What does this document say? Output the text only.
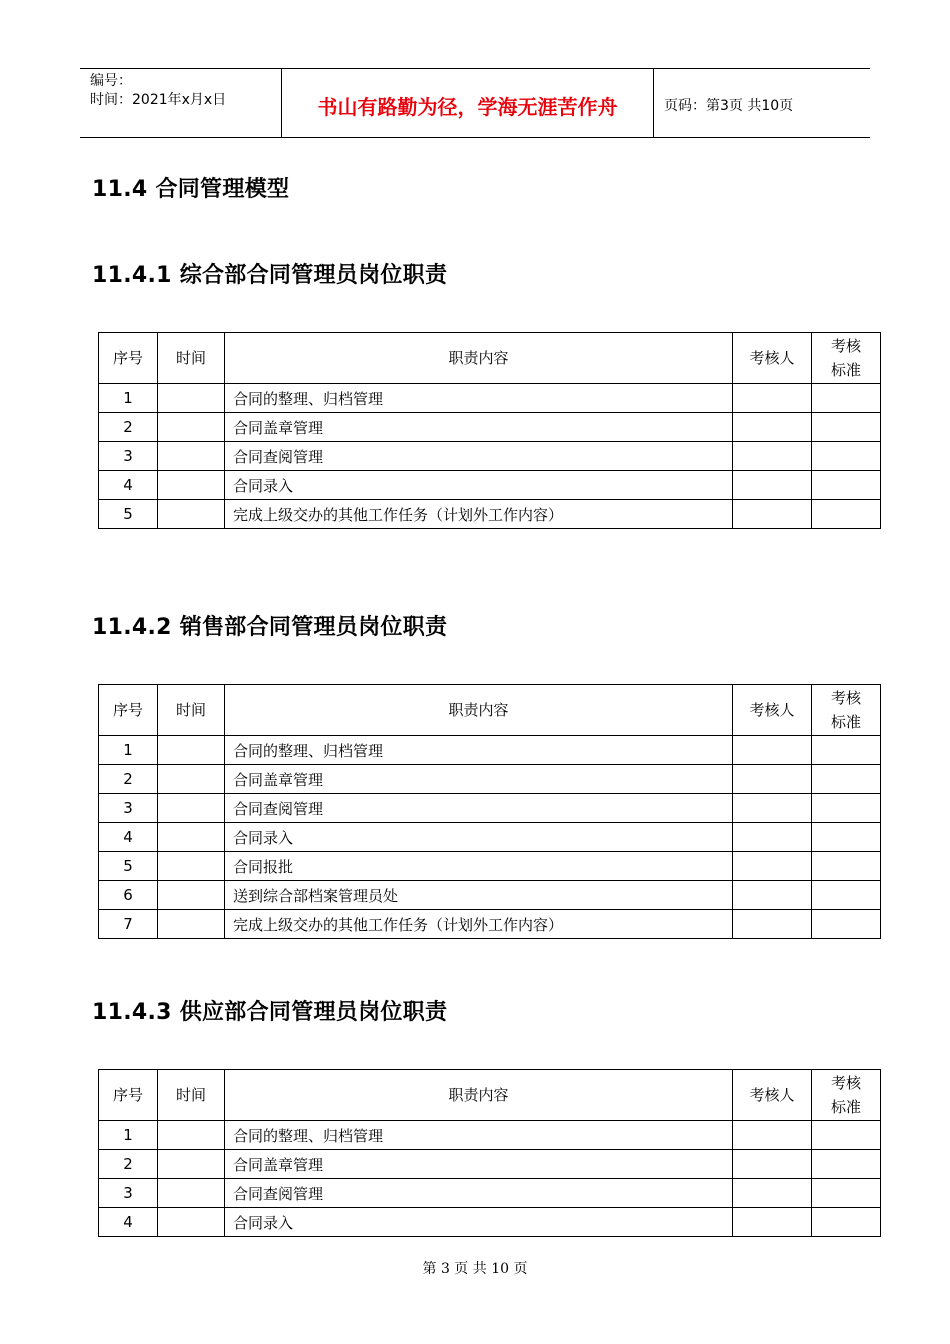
编号：
时间：2021年x月x日	书山有路勤为径，学海无涯苦作舟	页码：第3页 共10页
11.4 合同管理模型
11.4.1 综合部合同管理员岗位职责
序号	时间	职责内容	考核人	考核
标准
1		合同的整理、归档管理		
2		合同盖章管理		
3		合同查阅管理		
4		合同录入		
5		完成上级交办的其他工作任务（计划外工作内容）		
11.4.2 销售部合同管理员岗位职责
序号	时间	职责内容	考核人	考核
标准
1		合同的整理、归档管理		
2		合同盖章管理		
3		合同查阅管理		
4		合同录入		
5		合同报批		
6		送到综合部档案管理员处		
7		完成上级交办的其他工作任务（计划外工作内容）		
11.4.3 供应部合同管理员岗位职责
序号	时间	职责内容	考核人	考核
标准
1		合同的整理、归档管理		
2		合同盖章管理		
3		合同查阅管理		
4		合同录入		
第 3 页 共 10 页
